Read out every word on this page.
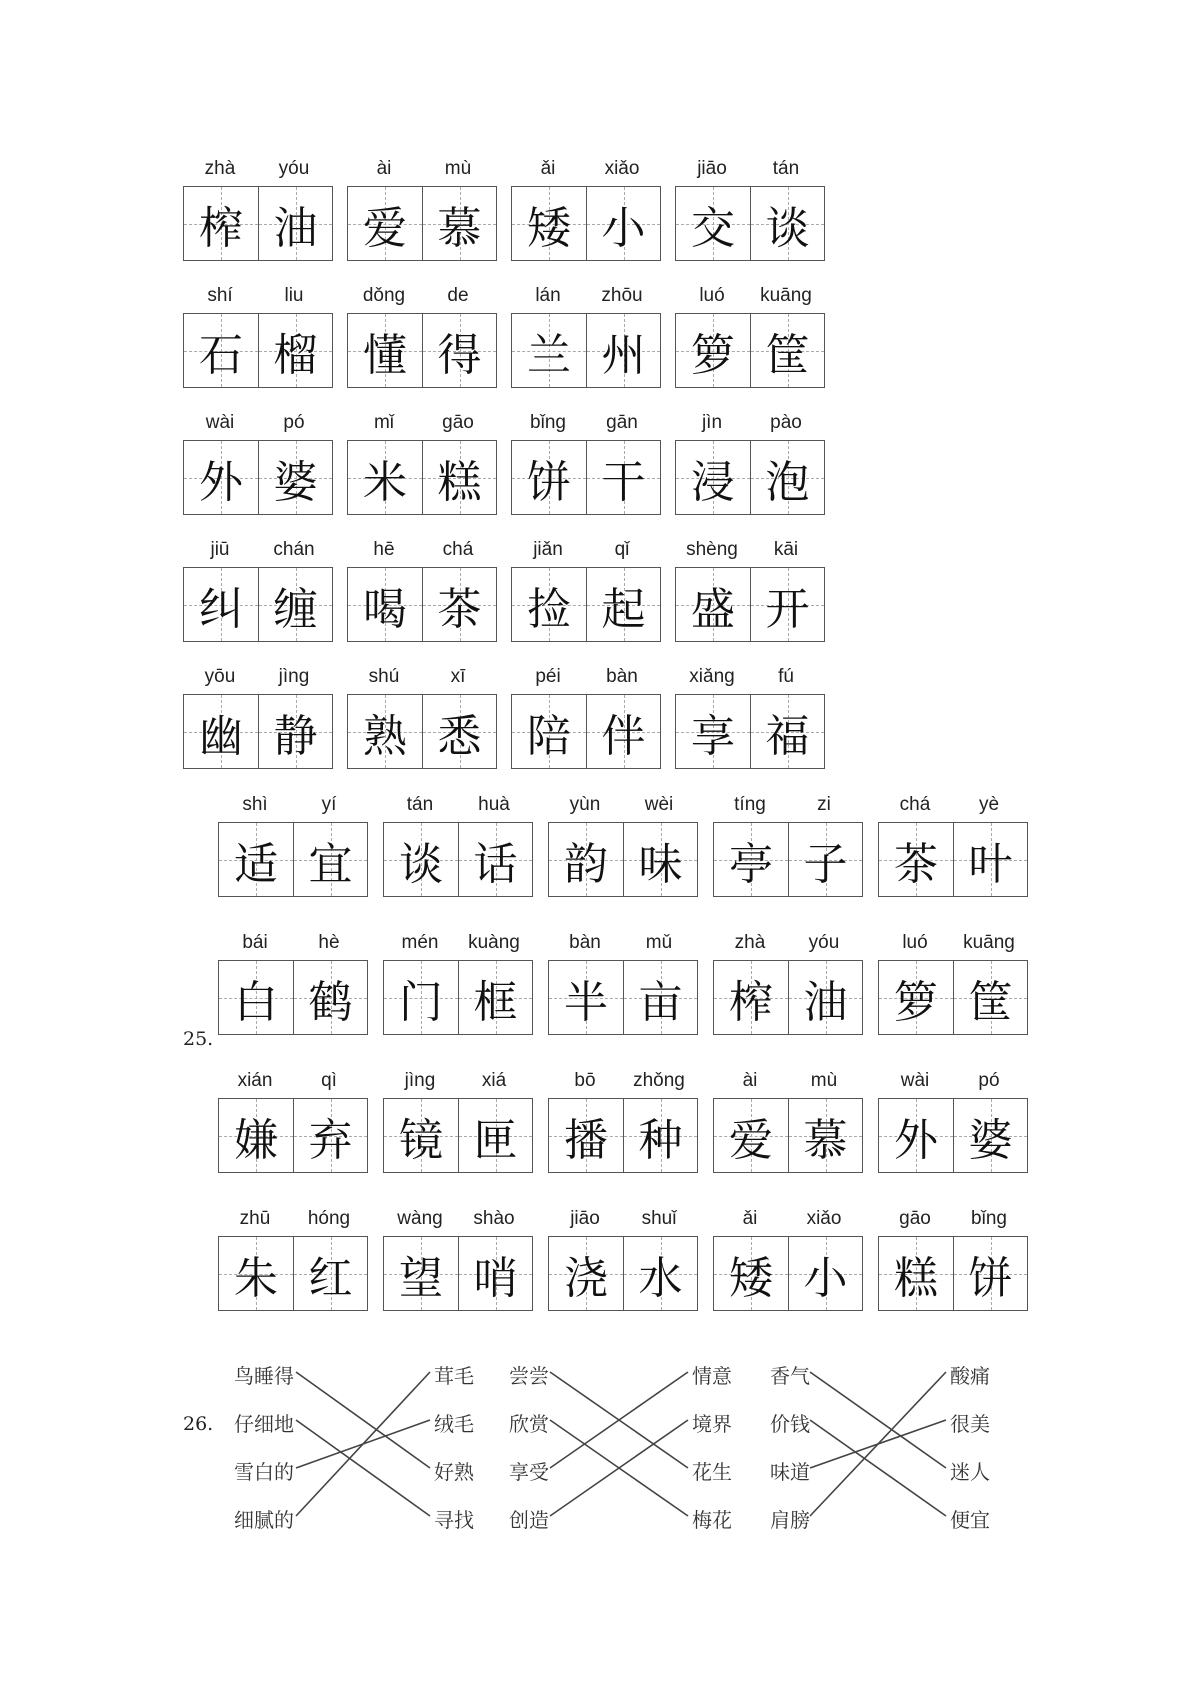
zhà	yóu
榨 油
ài	mù
爱 慕
ǎi	xiǎo
矮 小
jiāo	tán
交 谈
shí	liu
石 榴
dǒng	de
懂 得
lán	zhōu
兰 州
luó	kuāng
箩 筐
wài	pó
外 婆
mǐ	gāo
米 糕
bǐng	gān
饼 干
jìn	pào
浸 泡
jiū	chán
纠 缠
hē	chá
喝 茶
jiǎn	qǐ
捡 起
shèng	kāi
盛 开
yōu	jìng
幽 静
shú	xī
熟 悉
péi	bàn
陪 伴
xiǎng	fú
享 福
25.
shì	yí
适 宜
tán	huà
谈 话
yùn	wèi
韵 味
tíng	zi
亭 子
chá	yè
茶 叶
bái	hè
白 鹤
mén	kuàng
门 框
bàn	mǔ
半 亩
zhà	yóu
榨 油
luó	kuāng
箩 筐
xián	qì
嫌 弃
jìng	xiá
镜 匣
bō	zhǒng
播 种
ài	mù
爱 慕
wài	pó
外 婆
zhū	hóng
朱 红
wàng	shào
望 哨
jiāo	shuǐ
浇 水
ǎi	xiǎo
矮 小
gāo	bǐng
糕 饼
26.
鸟睡得
仔细地
雪白的
细腻的
茸毛
绒毛
好熟
寻找
尝尝
欣赏
享受
创造
情意
境界
花生
梅花
香气
价钱
味道
肩膀
酸痛
很美
迷人
便宜
